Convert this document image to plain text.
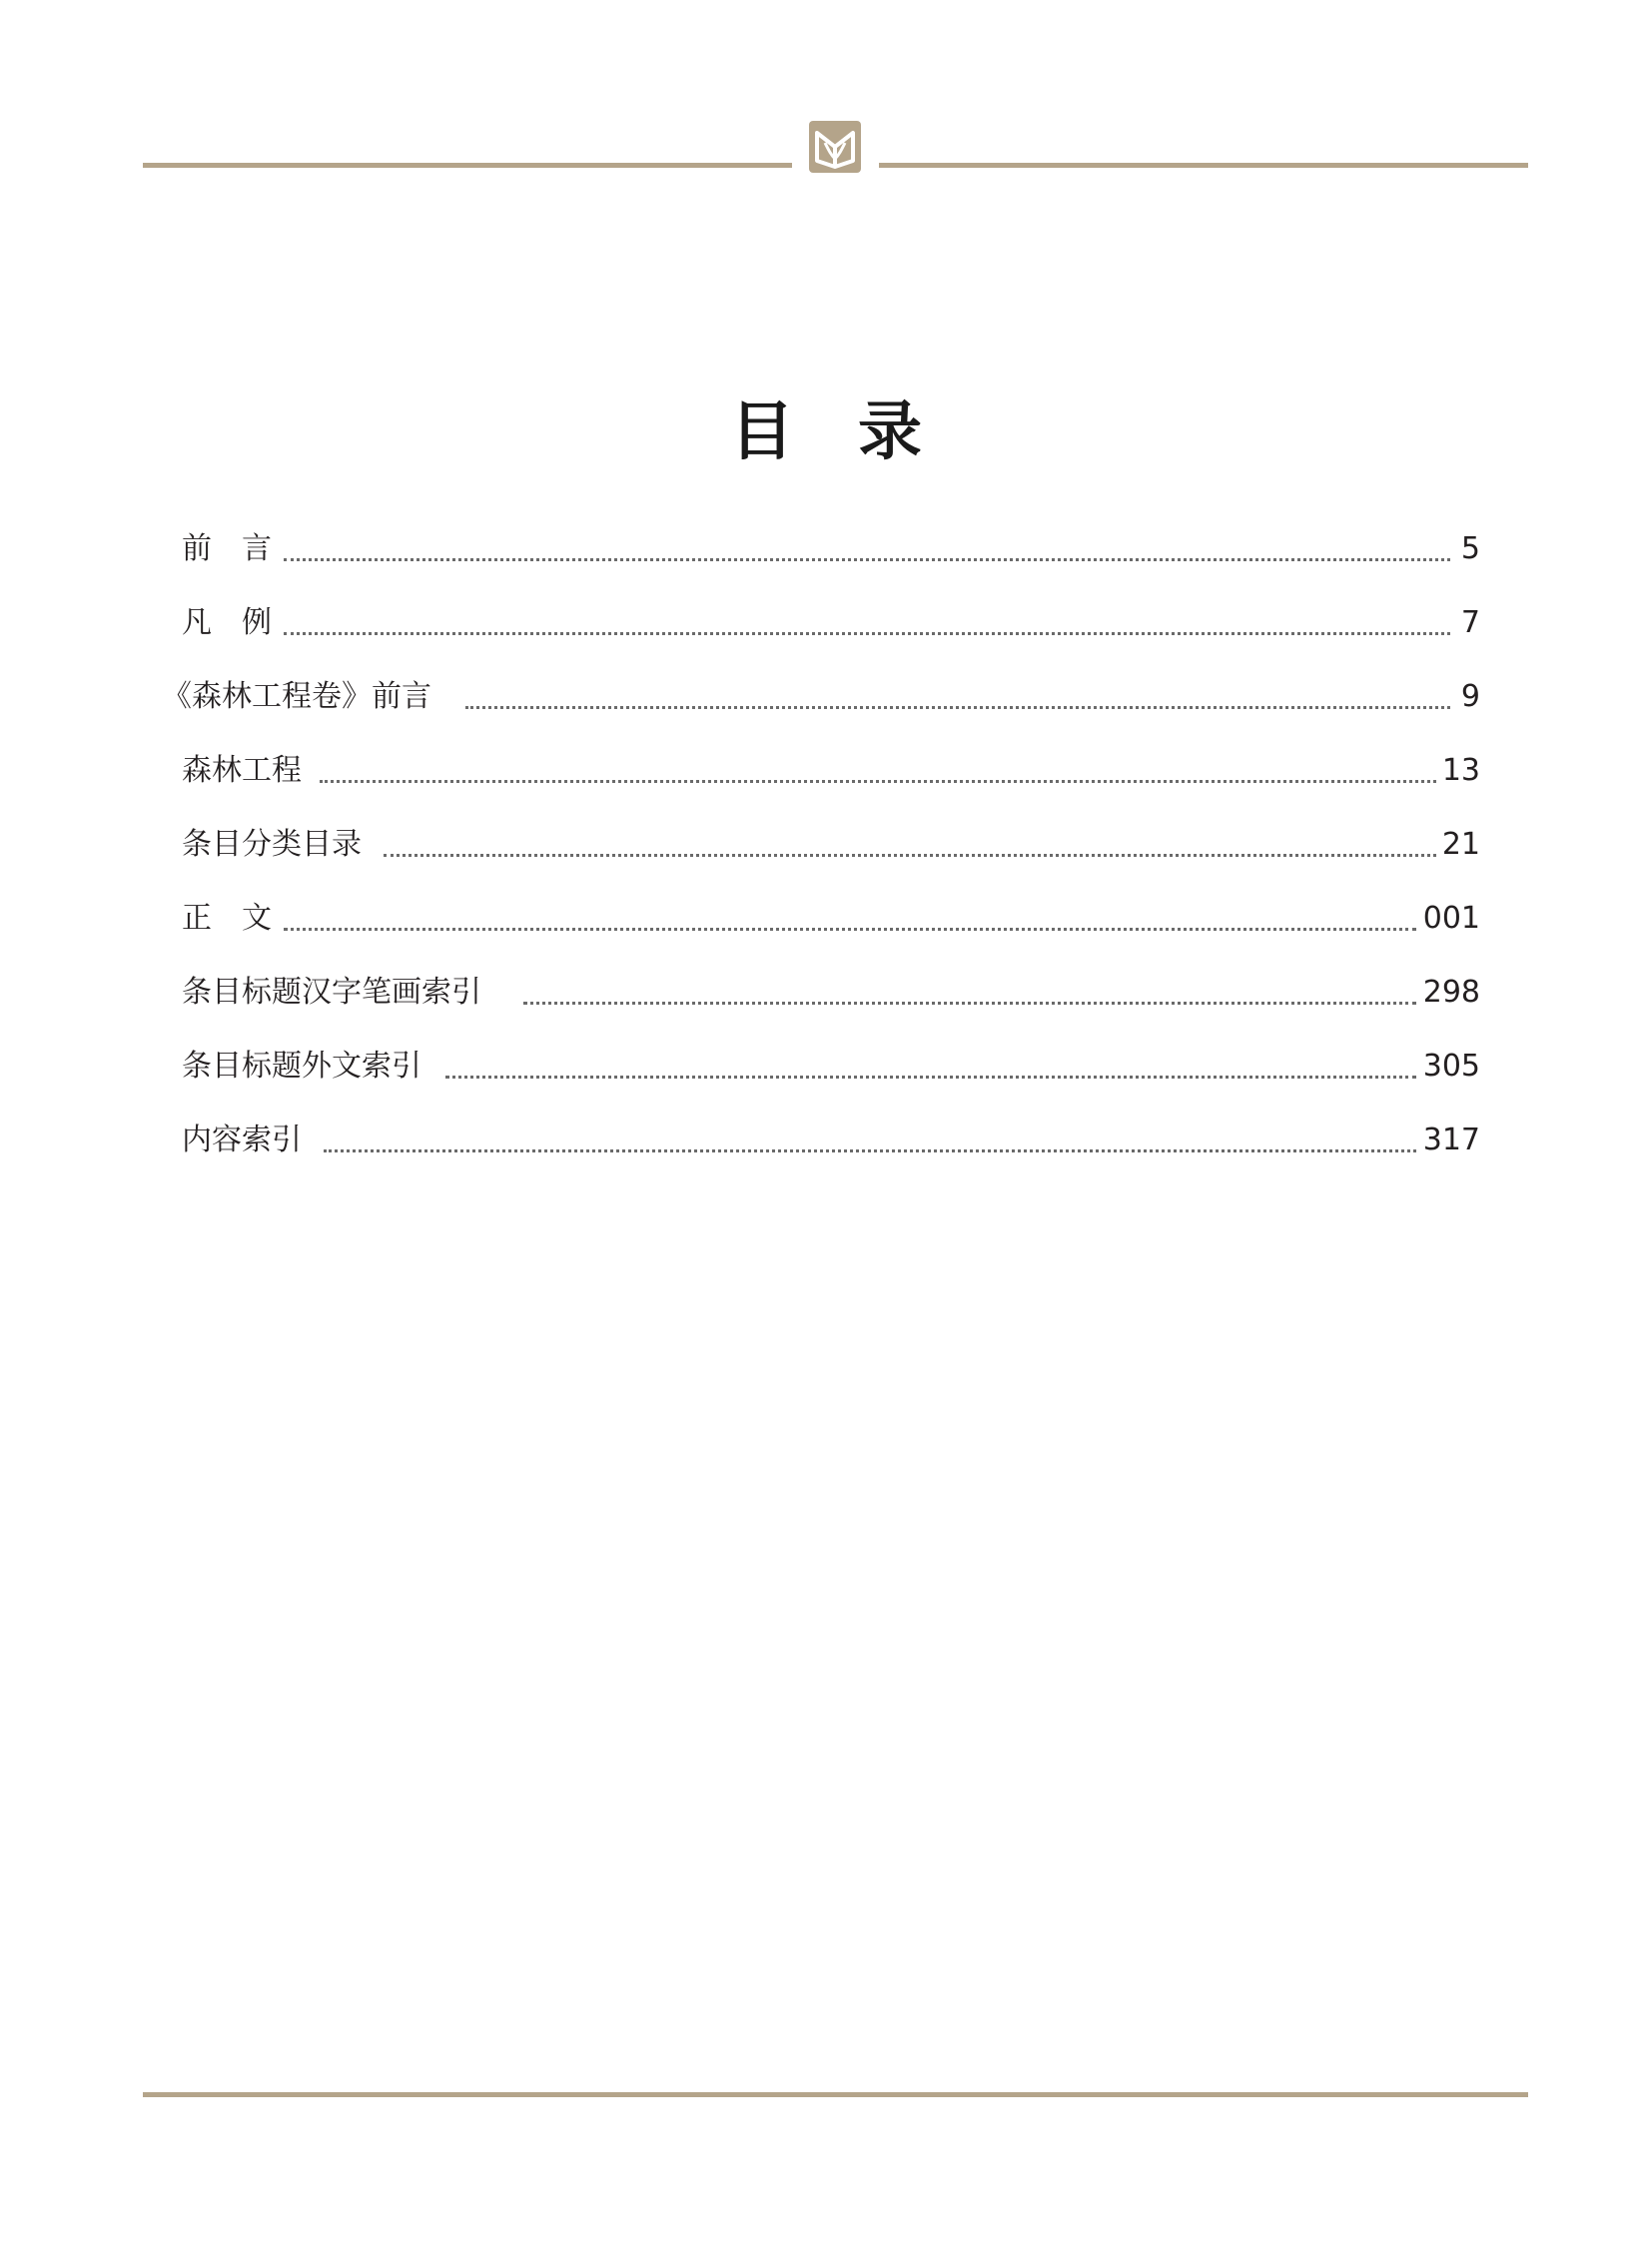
目录
前　言	5
凡　例	7
《森林工程卷》前言	9
森林工程	13
条目分类目录	21
正　文	001
条目标题汉字笔画索引	298
条目标题外文索引	305
内容索引	317
